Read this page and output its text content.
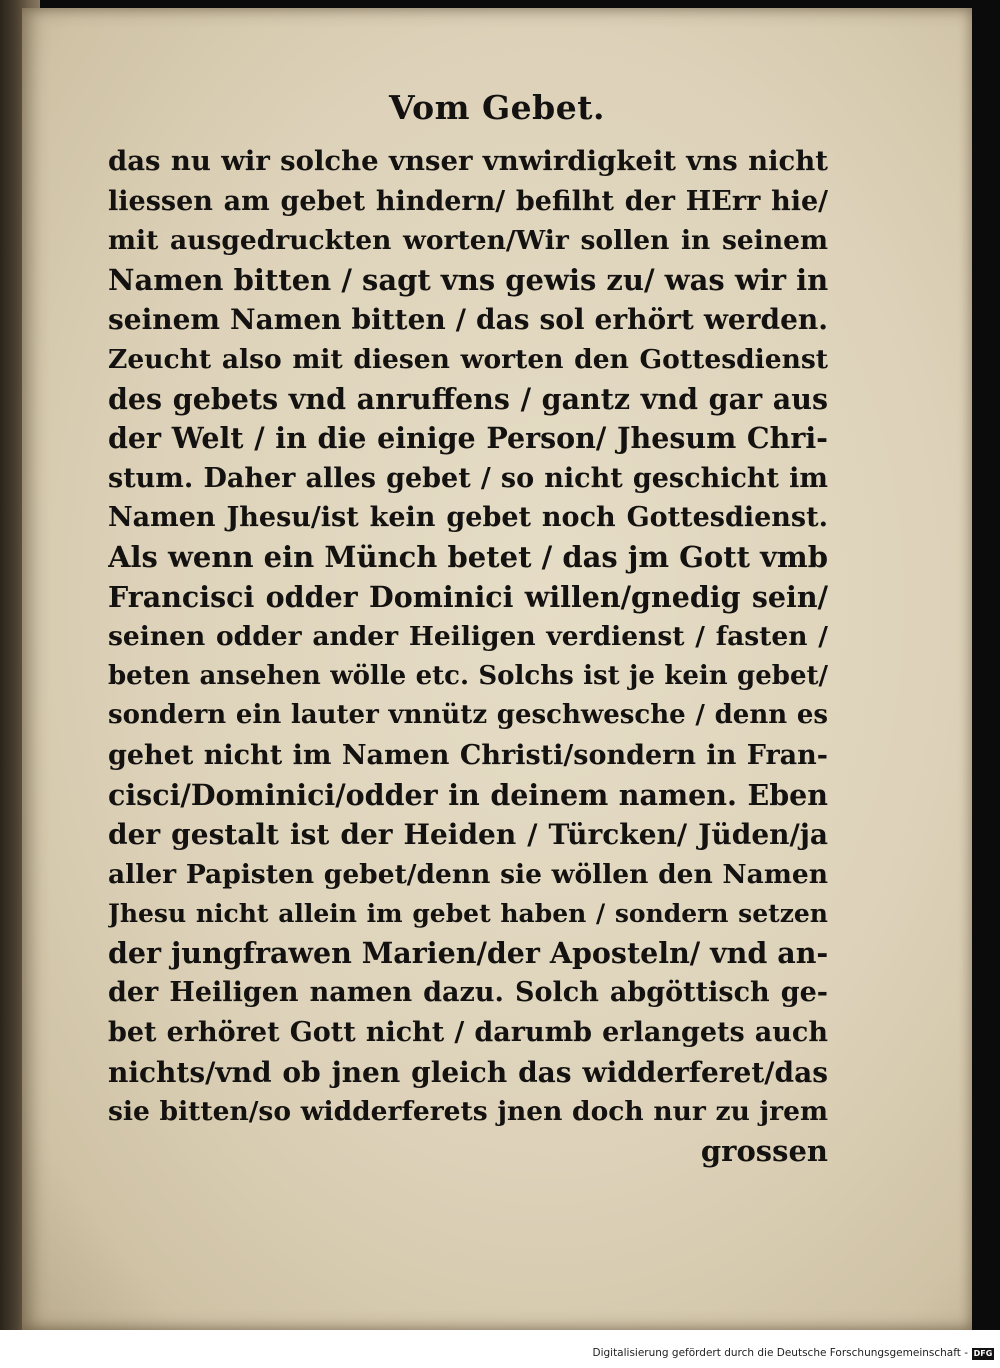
Vom Gebet.
das nu wir solche vnser vnwirdigkeit vns nicht
liessen am gebet hindern/ befilht der HErr hie/
mit ausgedruckten worten/Wir sollen in seinem
Namen bitten / sagt vns gewis zu/ was wir in
seinem Namen bitten / das sol erhört werden.
Zeucht also mit diesen worten den Gottesdienst
des gebets vnd anruffens / gantz vnd gar aus
der Welt / in die einige Person/ Jhesum Chri-
stum. Daher alles gebet / so nicht geschicht im
Namen Jhesu/ist kein gebet noch Gottesdienst.
Als wenn ein Münch betet / das jm Gott vmb
Francisci odder Dominici willen/gnedig sein/
seinen odder ander Heiligen verdienst / fasten /
beten ansehen wölle etc. Solchs ist je kein gebet/
sondern ein lauter vnnütz geschwesche / denn es
gehet nicht im Namen Christi/sondern in Fran-
cisci/Dominici/odder in deinem namen. Eben
der gestalt ist der Heiden / Türcken/ Jüden/ja
aller Papisten gebet/denn sie wöllen den Namen
Jhesu nicht allein im gebet haben / sondern setzen
der jungfrawen Marien/der Aposteln/ vnd an-
der Heiligen namen dazu. Solch abgöttisch ge-
bet erhöret Gott nicht / darumb erlangets auch
nichts/vnd ob jnen gleich das widderferet/das
sie bitten/so widderferets jnen doch nur zu jrem
grossen
Digitalisierung gefördert durch die Deutsche Forschungsgemeinschaft - DFG
